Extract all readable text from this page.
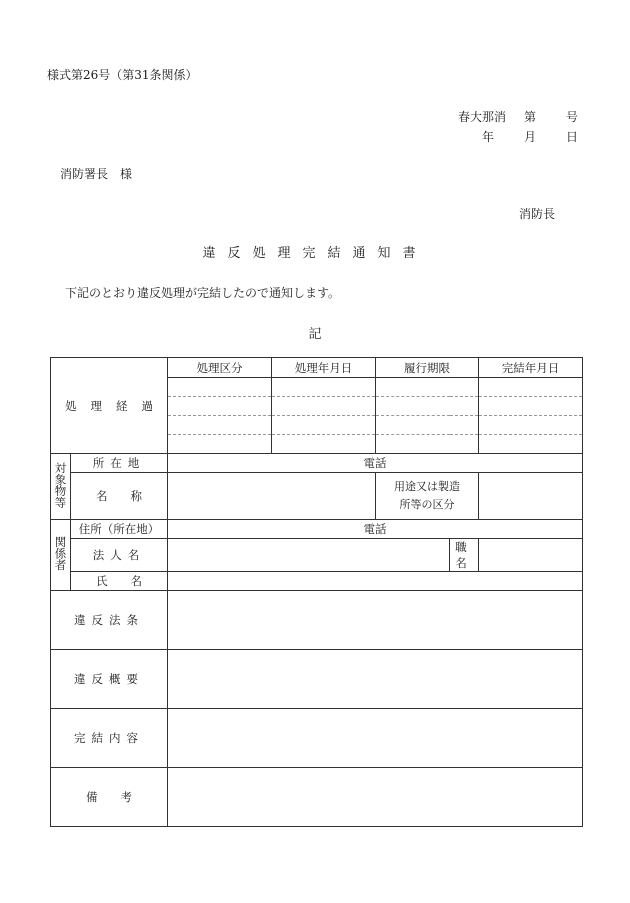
様式第26号（第31条関係）
春大那消 第	号
年	月	日
消防署長　様
消防長
違反処理完結通知書
下記のとおり違反処理が完結したので通知します。
記
処理経過		処理区分	処理年月日	履行期限		完結年月日

対象物等	所在地	電話				
	名　　称			用途又は製造
所等の区分		

関係者	住所（所在地）	電話				
	法人名				職名	
	氏　　名					
違反法条						
違反概要						
完結内容						
備　　考						
